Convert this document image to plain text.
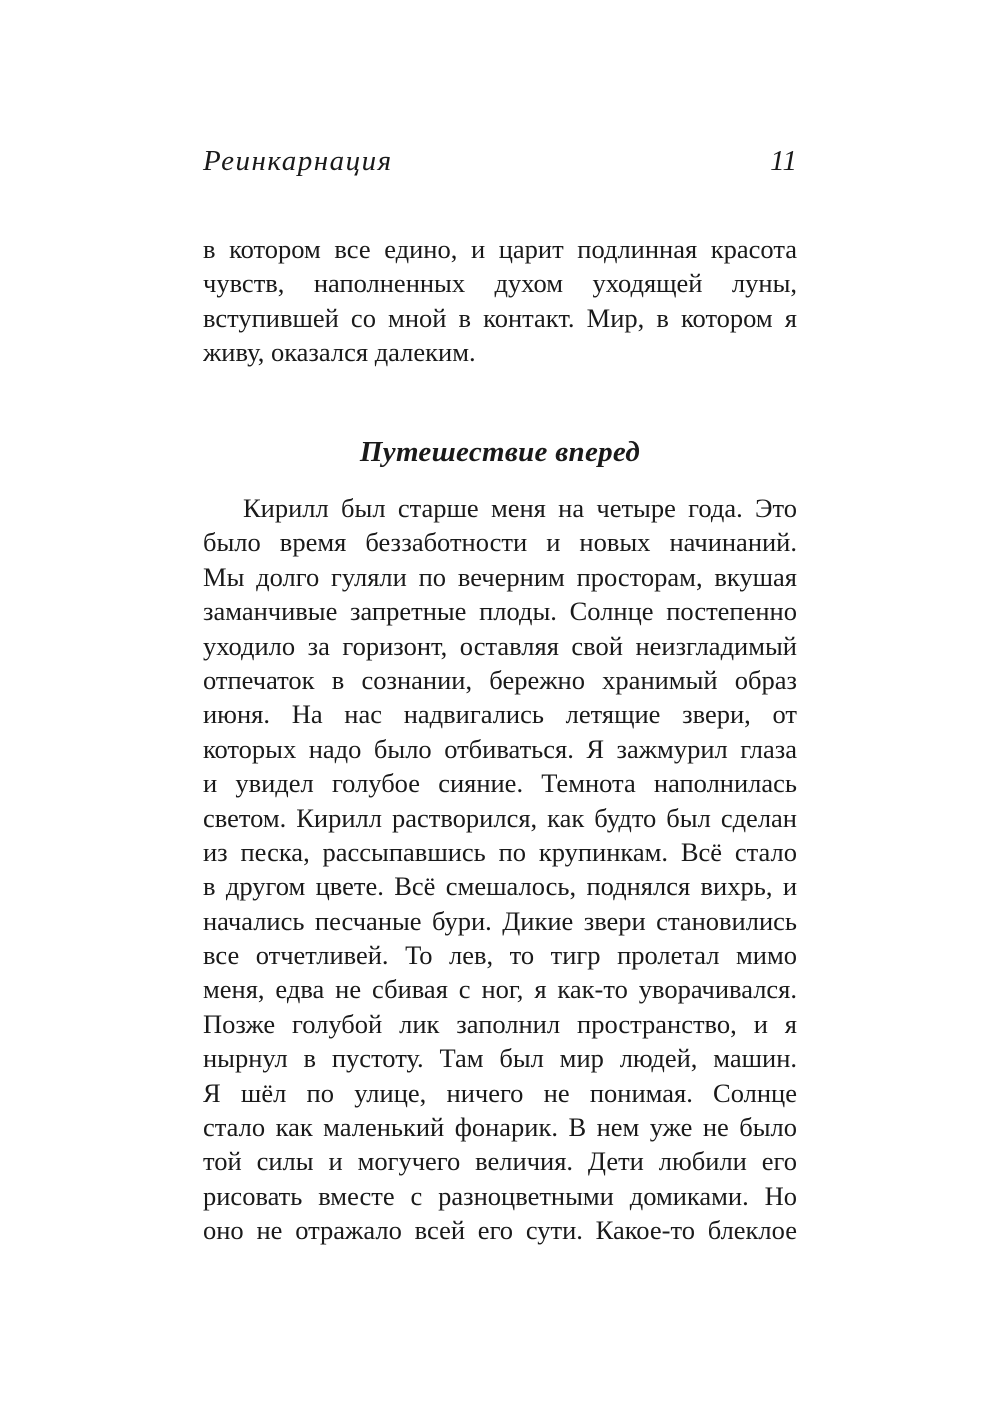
Реинкарнация	11
в котором все едино, и царит подлинная красота
чувств, наполненных духом уходящей луны,
вступившей со мной в контакт. Мир, в котором я
живу, оказался далеким.
Путешествие вперед
Кирилл был старше меня на четыре года. Это
было время беззаботности и новых начинаний.
Мы долго гуляли по вечерним просторам, вкушая
заманчивые запретные плоды. Солнце постепенно
уходило за горизонт, оставляя свой неизгладимый
отпечаток в сознании, бережно хранимый образ
июня. На нас надвигались летящие звери, от
которых надо было отбиваться. Я зажмурил глаза
и увидел голубое сияние. Темнота наполнилась
светом. Кирилл растворился, как будто был сделан
из песка, рассыпавшись по крупинкам. Всё стало
в другом цвете. Всё смешалось, поднялся вихрь, и
начались песчаные бури. Дикие звери становились
все отчетливей. То лев, то тигр пролетал мимо
меня, едва не сбивая с ног, я как-то уворачивался.
Позже голубой лик заполнил пространство, и я
нырнул в пустоту. Там был мир людей, машин.
Я шёл по улице, ничего не понимая. Солнце
стало как маленький фонарик. В нем уже не было
той силы и могучего величия. Дети любили его
рисовать вместе с разноцветными домиками. Но
оно не отражало всей его сути. Какое-то блеклое
